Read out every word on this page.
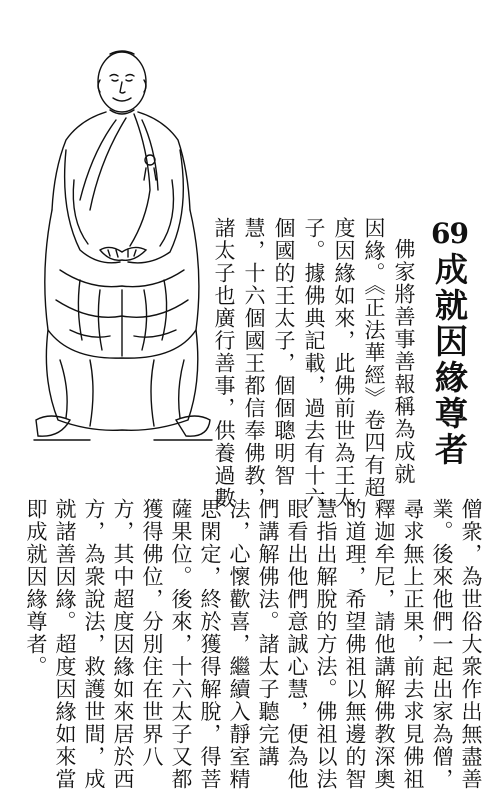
69
成就因緣尊者
佛家將善事善報稱為成就
因緣。《正法華經》卷四有超
度因緣如來，此佛前世為王太
子。據佛典記載，過去有十六
個國的王太子，個個聰明智
慧，十六個國王都信奉佛教，
諸太子也廣行善事，供養過數
僧衆，為世俗大衆作出無盡善
業。後來他們一起出家為僧，
尋求無上正果，前去求見佛祖
釋迦牟尼，請他講解佛教深奧
的道理，希望佛祖以無邊的智
慧指出解脫的方法。佛祖以法
眼看出他們意誠心慧，便為他
們講解佛法。諸太子聽完講
法，心懷歡喜，繼續入靜室精
思閑定，終於獲得解脫，得菩
薩果位。後來，十六太子又都
獲得佛位，分別住在世界八
方，其中超度因緣如來居於西
方，為衆說法，救護世間，成
就諸善因緣。超度因緣如來當
即成就因緣尊者。
